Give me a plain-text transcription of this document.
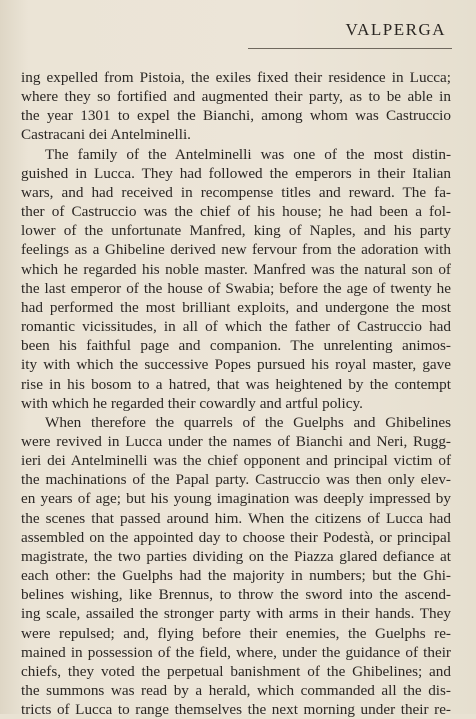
VALPERGA
ing expelled from Pistoia, the exiles fixed their residence in Lucca;
where they so fortified and augmented their party, as to be able in
the year 1301 to expel the Bianchi, among whom was Castruccio
Castracani dei Antelminelli.
The family of the Antelminelli was one of the most distin-
guished in Lucca. They had followed the emperors in their Italian
wars, and had received in recompense titles and reward. The fa-
ther of Castruccio was the chief of his house; he had been a fol-
lower of the unfortunate Manfred, king of Naples, and his party
feelings as a Ghibeline derived new fervour from the adoration with
which he regarded his noble master. Manfred was the natural son of
the last emperor of the house of Swabia; before the age of twenty he
had performed the most brilliant exploits, and undergone the most
romantic vicissitudes, in all of which the father of Castruccio had
been his faithful page and companion. The unrelenting animos-
ity with which the successive Popes pursued his royal master, gave
rise in his bosom to a hatred, that was heightened by the contempt
with which he regarded their cowardly and artful policy.
When therefore the quarrels of the Guelphs and Ghibelines
were revived in Lucca under the names of Bianchi and Neri, Rugg-
ieri dei Antelminelli was the chief opponent and principal victim of
the machinations of the Papal party. Castruccio was then only elev-
en years of age; but his young imagination was deeply impressed by
the scenes that passed around him. When the citizens of Lucca had
assembled on the appointed day to choose their Podestà, or principal
magistrate, the two parties dividing on the Piazza glared defiance at
each other: the Guelphs had the majority in numbers; but the Ghi-
belines wishing, like Brennus, to throw the sword into the ascend-
ing scale, assailed the stronger party with arms in their hands. They
were repulsed; and, flying before their enemies, the Guelphs re-
mained in possession of the field, where, under the guidance of their
chiefs, they voted the perpetual banishment of the Ghibelines; and
the summons was read by a herald, which commanded all the dis-
tricts of Lucca to range themselves the next morning under their re-
